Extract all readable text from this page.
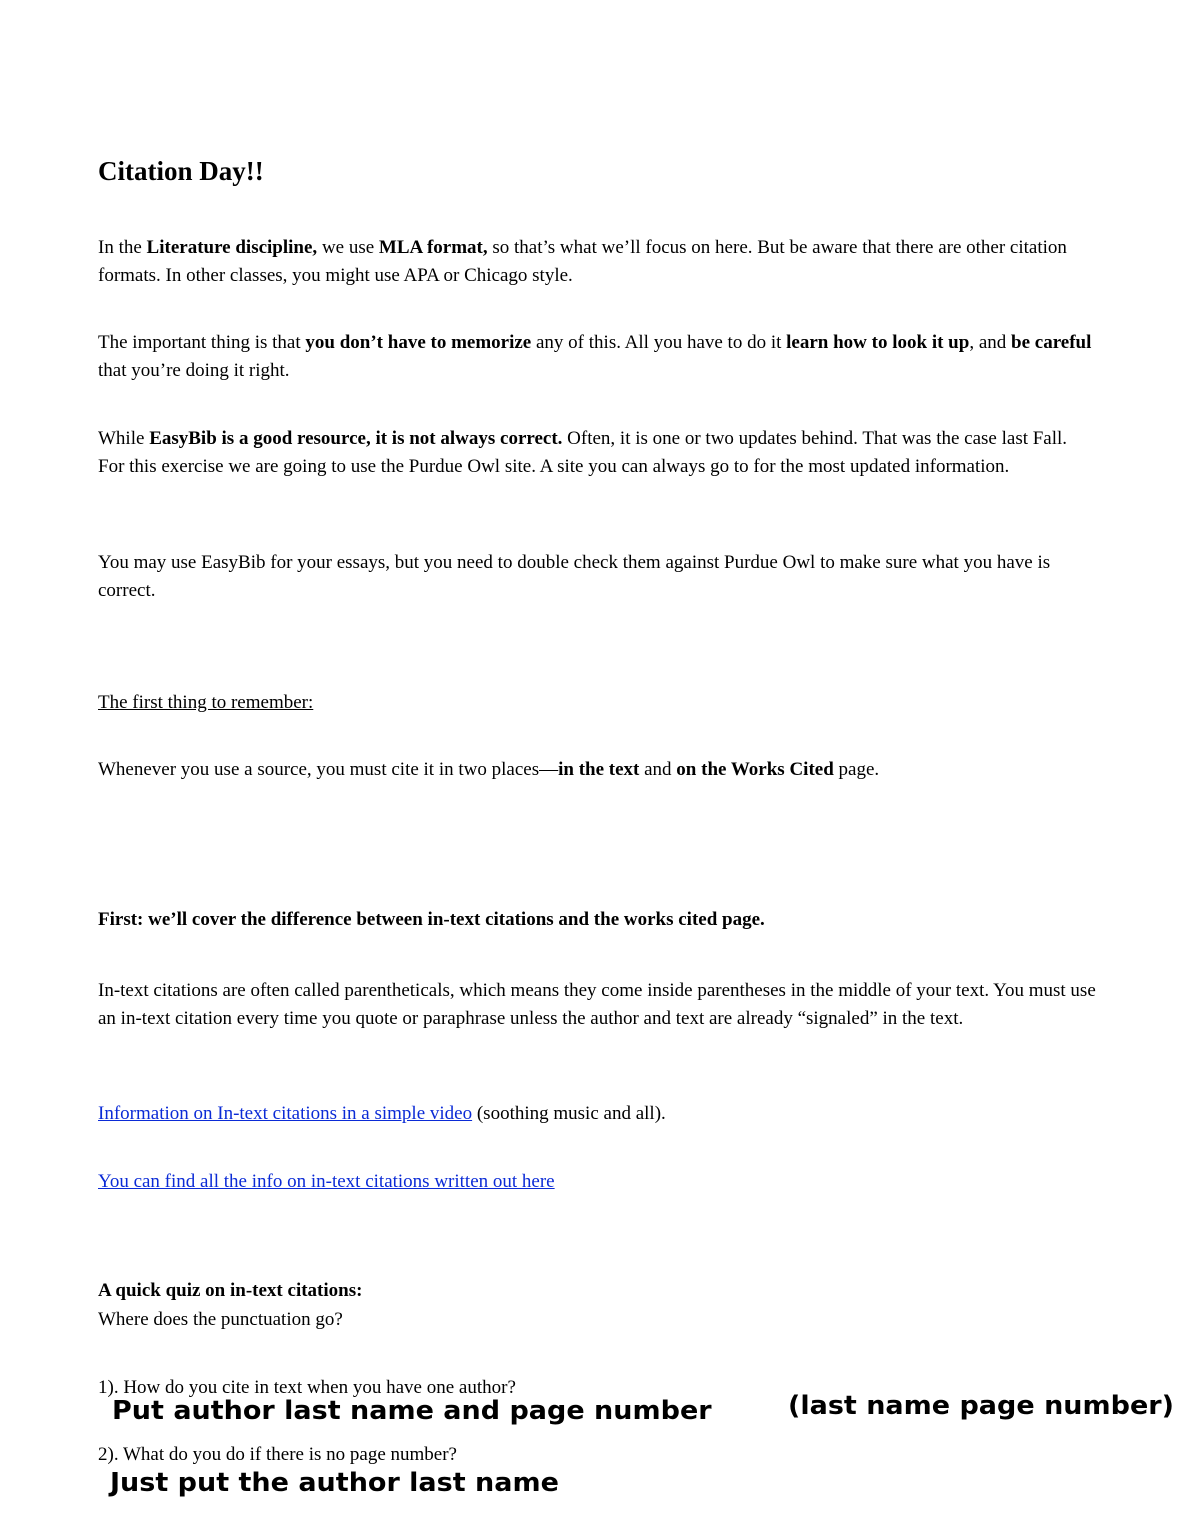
Citation Day!!

In the Literature discipline, we use MLA format, so that’s what we’ll focus on here. But be aware that there are other citation formats. In other classes, you might use APA or Chicago style.

The important thing is that you don’t have to memorize any of this. All you have to do it learn how to look it up, and be careful that you’re doing it right.

While EasyBib is a good resource, it is not always correct. Often, it is one or two updates behind. That was the case last Fall. For this exercise we are going to use the Purdue Owl site. A site you can always go to for the most updated information.

You may use EasyBib for your essays, but you need to double check them against Purdue Owl to make sure what you have is correct.

The first thing to remember:

Whenever you use a source, you must cite it in two places—in the text and on the Works Cited page.

First: we’ll cover the difference between in-text citations and the works cited page.

In-text citations are often called parentheticals, which means they come inside parentheses in the middle of your text. You must use an in-text citation every time you quote or paraphrase unless the author and text are already “signaled” in the text.

Information on In-text citations in a simple video (soothing music and all).

You can find all the info on in-text citations written out here

A quick quiz on in-text citations:

Where does the punctuation go?

1). How do you cite in text when you have one author?

Put author last name and page number	(last name page number)

2). What do you do if there is no page number?

Just put the author last name
